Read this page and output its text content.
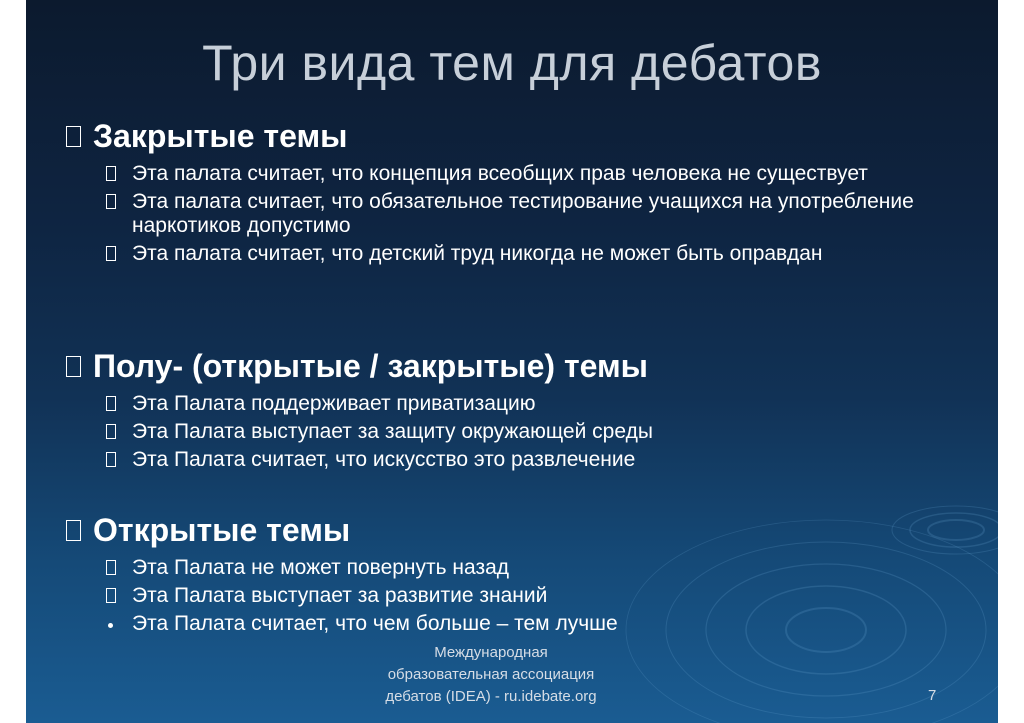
Три вида тем для дебатов
Закрытые темы
Эта палата считает, что концепция всеобщих прав человека не существует
Эта палата считает, что обязательное тестирование учащихся на употребление наркотиков допустимо
Эта палата считает, что детский труд никогда не может быть оправдан
Полу- (открытые / закрытые) темы
Эта Палата поддерживает приватизацию
Эта Палата выступает за защиту окружающей среды
Эта Палата считает, что искусство это развлечение
Открытые темы
Эта Палата не может повернуть назад
Эта Палата выступает за развитие знаний
Эта Палата считает, что чем больше – тем лучше
Международная
образовательная ассоциация
дебатов (IDEA) - ru.idebate.org	7
